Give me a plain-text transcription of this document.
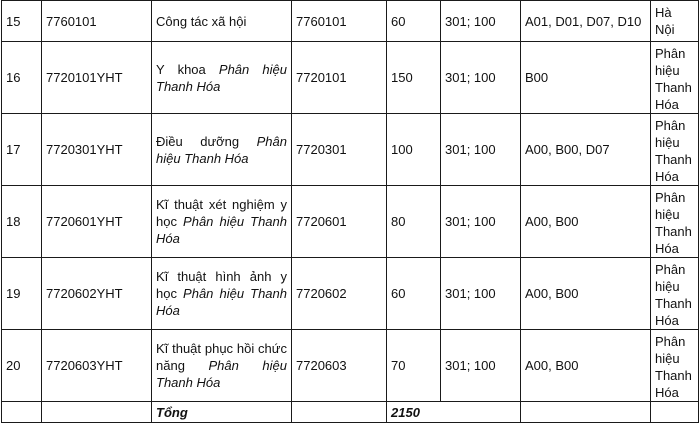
15	7760101	Công tác xã hội	7760101	60	301; 100	A01, D01, D07, D10	Hà
Nội

16	7720101YHT	Y khoa Phân hiệu Thanh Hóa	7720101	150	301; 100	B00	Phân
hiệu
Thanh
Hóa

17	7720301YHT	Điều dưỡng Phân hiệu Thanh Hóa	7720301	100	301; 100	A00, B00, D07	Phân
hiệu
Thanh
Hóa

18	7720601YHT	Kĩ thuật xét nghiệm y học Phân hiệu Thanh Hóa	7720601	80	301; 100	A00, B00	Phân
hiệu
Thanh
Hóa

19	7720602YHT	Kĩ thuật hình ảnh y học Phân hiệu Thanh Hóa	7720602	60	301; 100	A00, B00	Phân
hiệu
Thanh
Hóa

20	7720603YHT	Kĩ thuật phục hồi chức năng Phân hiệu Thanh Hóa	7720603	70	301; 100	A00, B00	Phân
hiệu
Thanh
Hóa

		Tổng		2150			
